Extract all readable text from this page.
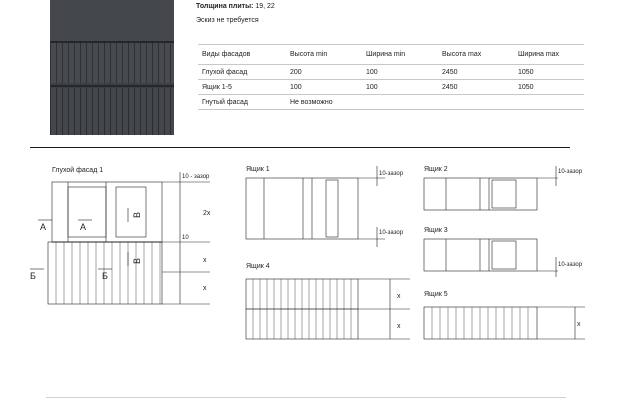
Толщина плиты: 19, 22
Эскиз не требуется
Виды фасадов	Высота min	Ширина min	Высота max	Ширина max
Глухой фасад	200	100	2450	1050
Ящик 1-5	100	100	2450	1050
Гнутый фасад	Не возможно			
Глухой фасад 1
А	А
Б	Б
В
В
10 - зазор
2х
10
x
x
Ящик 1
10-зазор
10-зазор
Ящик 2	10-зазор
Ящик 3
10-зазор
Ящик 4
x
x
Ящик 5
x
